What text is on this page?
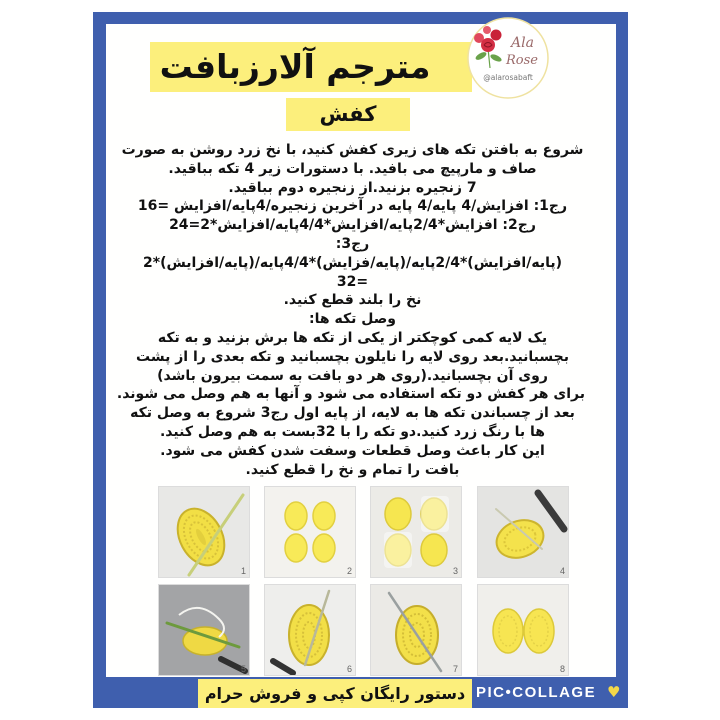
مترجم آلارزبافت
Ala
Rose
@alarosabaft
کفش
شروع به بافتن تکه های زیری کفش کنید، با نخ زرد روشن به صورت
صاف و مارپیچ می بافید. با دستورات زیر 4 تکه بباقید.
7 زنجیره بزنید.از زنجیره دوم بباقید.
رج1: افزایش/4 پایه/4 پایه در آخرین زنجیره/4پایه/افزایش =16
رج2: افزایش*2/4پایه/افزایش*4/4پایه/افزایش*2=24
رج3:
(پایه/افزایش)*2/4پایه/(پایه/فزایش)*4/4پایه/(پایه/افزایش)*2
=32
نخ را بلند قطع کنید.
وصل تکه ها:
یک لایه کمی کوچکتر از یکی از تکه ها برش بزنید و به تکه
بچسبانید.بعد روی لایه را نایلون بچسبانید و تکه بعدی را از پشت
روی آن بچسبانید.(روی هر دو بافت به سمت بیرون باشد)
برای هر کفش دو تکه استفاده می شود و آنها به هم وصل می شوند.
بعد از چسباندن تکه ها به لایه، از پایه اول رج3 شروع به وصل تکه
ها با رنگ زرد کنید.دو تکه را با 32بست به هم وصل کنید.
این کار باعث وصل قطعات وسفت شدن کفش می شود.
بافت را تمام و نخ را قطع کنید.
1	2	3	4
5	6	7	8
دستور رایگان کپی و فروش حرام PIC•COLLAGE ♥
